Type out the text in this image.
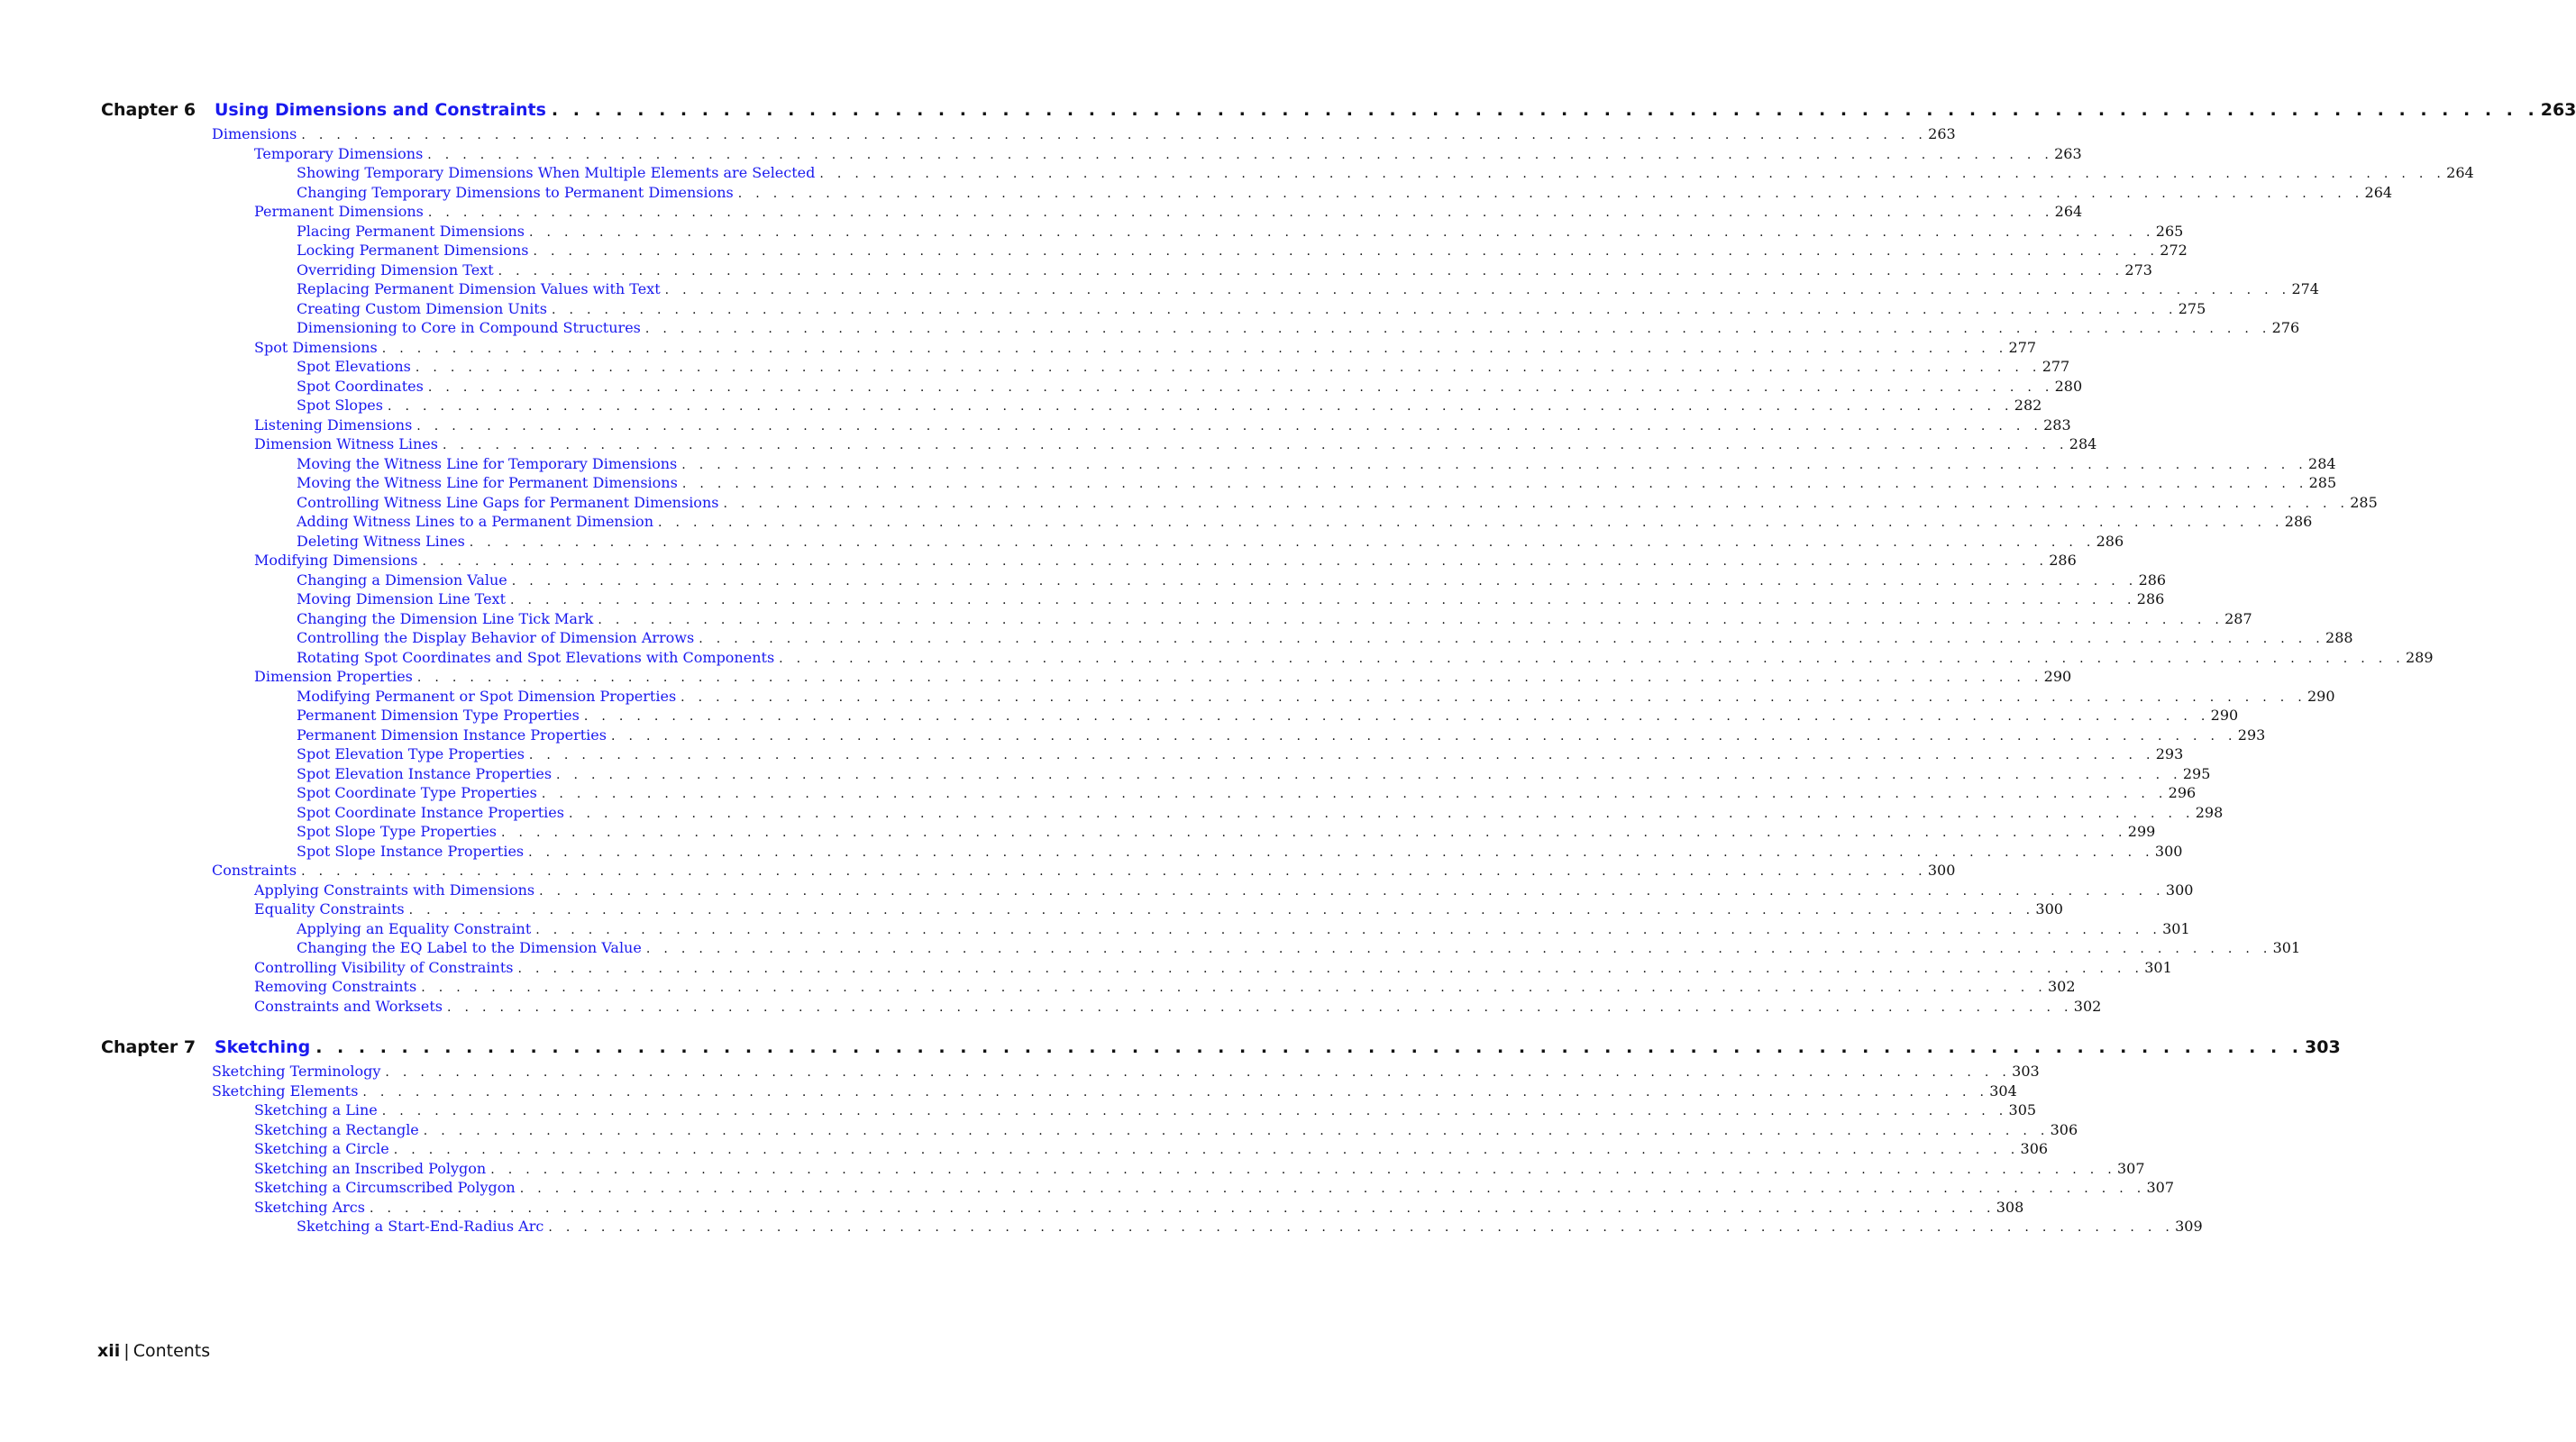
Chapter 6	Using Dimensions and Constraints . . . . . . . . . . . . . . . . . . . . . . . . . . . . . . . . . . . . . . . . . . . . . . . . . . . . . . . . . . . . . . . . . . . . . . . . . . . . . . . . . . . . . . . . . . . . . 263
Dimensions . . . . . . . . . . . . . . . . . . . . . . . . . . . . . . . . . . . . . . . . . . . . . . . . . . . . . . . . . . . . . . . . . . . . . . . . . . . . . . . . . . . . . . . . . . . . . 263
Temporary Dimensions . . . . . . . . . . . . . . . . . . . . . . . . . . . . . . . . . . . . . . . . . . . . . . . . . . . . . . . . . . . . . . . . . . . . . . . . . . . . . . . . . . . . . . . . . . . . . 263
Showing Temporary Dimensions When Multiple Elements are Selected . . . . . . . . . . . . . . . . . . . . . . . . . . . . . . . . . . . . . . . . . . . . . . . . . . . . . . . . . . . . . . . . . . . . . . . . . . . . . . . . . . . . . . . . . . . . . 264
Changing Temporary Dimensions to Permanent Dimensions . . . . . . . . . . . . . . . . . . . . . . . . . . . . . . . . . . . . . . . . . . . . . . . . . . . . . . . . . . . . . . . . . . . . . . . . . . . . . . . . . . . . . . . . . . . . . 264
Permanent Dimensions . . . . . . . . . . . . . . . . . . . . . . . . . . . . . . . . . . . . . . . . . . . . . . . . . . . . . . . . . . . . . . . . . . . . . . . . . . . . . . . . . . . . . . . . . . . . . 264
Placing Permanent Dimensions . . . . . . . . . . . . . . . . . . . . . . . . . . . . . . . . . . . . . . . . . . . . . . . . . . . . . . . . . . . . . . . . . . . . . . . . . . . . . . . . . . . . . . . . . . . . . 265
Locking Permanent Dimensions . . . . . . . . . . . . . . . . . . . . . . . . . . . . . . . . . . . . . . . . . . . . . . . . . . . . . . . . . . . . . . . . . . . . . . . . . . . . . . . . . . . . . . . . . . . . . 272
Overriding Dimension Text . . . . . . . . . . . . . . . . . . . . . . . . . . . . . . . . . . . . . . . . . . . . . . . . . . . . . . . . . . . . . . . . . . . . . . . . . . . . . . . . . . . . . . . . . . . . . 273
Replacing Permanent Dimension Values with Text . . . . . . . . . . . . . . . . . . . . . . . . . . . . . . . . . . . . . . . . . . . . . . . . . . . . . . . . . . . . . . . . . . . . . . . . . . . . . . . . . . . . . . . . . . . . . 274
Creating Custom Dimension Units . . . . . . . . . . . . . . . . . . . . . . . . . . . . . . . . . . . . . . . . . . . . . . . . . . . . . . . . . . . . . . . . . . . . . . . . . . . . . . . . . . . . . . . . . . . . . 275
Dimensioning to Core in Compound Structures . . . . . . . . . . . . . . . . . . . . . . . . . . . . . . . . . . . . . . . . . . . . . . . . . . . . . . . . . . . . . . . . . . . . . . . . . . . . . . . . . . . . . . . . . . . . . 276
Spot Dimensions . . . . . . . . . . . . . . . . . . . . . . . . . . . . . . . . . . . . . . . . . . . . . . . . . . . . . . . . . . . . . . . . . . . . . . . . . . . . . . . . . . . . . . . . . . . . . 277
Spot Elevations . . . . . . . . . . . . . . . . . . . . . . . . . . . . . . . . . . . . . . . . . . . . . . . . . . . . . . . . . . . . . . . . . . . . . . . . . . . . . . . . . . . . . . . . . . . . . 277
Spot Coordinates . . . . . . . . . . . . . . . . . . . . . . . . . . . . . . . . . . . . . . . . . . . . . . . . . . . . . . . . . . . . . . . . . . . . . . . . . . . . . . . . . . . . . . . . . . . . . 280
Spot Slopes . . . . . . . . . . . . . . . . . . . . . . . . . . . . . . . . . . . . . . . . . . . . . . . . . . . . . . . . . . . . . . . . . . . . . . . . . . . . . . . . . . . . . . . . . . . . . 282
Listening Dimensions . . . . . . . . . . . . . . . . . . . . . . . . . . . . . . . . . . . . . . . . . . . . . . . . . . . . . . . . . . . . . . . . . . . . . . . . . . . . . . . . . . . . . . . . . . . . . 283
Dimension Witness Lines . . . . . . . . . . . . . . . . . . . . . . . . . . . . . . . . . . . . . . . . . . . . . . . . . . . . . . . . . . . . . . . . . . . . . . . . . . . . . . . . . . . . . . . . . . . . . 284
Moving the Witness Line for Temporary Dimensions . . . . . . . . . . . . . . . . . . . . . . . . . . . . . . . . . . . . . . . . . . . . . . . . . . . . . . . . . . . . . . . . . . . . . . . . . . . . . . . . . . . . . . . . . . . . . 284
Moving the Witness Line for Permanent Dimensions . . . . . . . . . . . . . . . . . . . . . . . . . . . . . . . . . . . . . . . . . . . . . . . . . . . . . . . . . . . . . . . . . . . . . . . . . . . . . . . . . . . . . . . . . . . . . 285
Controlling Witness Line Gaps for Permanent Dimensions . . . . . . . . . . . . . . . . . . . . . . . . . . . . . . . . . . . . . . . . . . . . . . . . . . . . . . . . . . . . . . . . . . . . . . . . . . . . . . . . . . . . . . . . . . . . . 285
Adding Witness Lines to a Permanent Dimension . . . . . . . . . . . . . . . . . . . . . . . . . . . . . . . . . . . . . . . . . . . . . . . . . . . . . . . . . . . . . . . . . . . . . . . . . . . . . . . . . . . . . . . . . . . . . 286
Deleting Witness Lines . . . . . . . . . . . . . . . . . . . . . . . . . . . . . . . . . . . . . . . . . . . . . . . . . . . . . . . . . . . . . . . . . . . . . . . . . . . . . . . . . . . . . . . . . . . . . 286
Modifying Dimensions . . . . . . . . . . . . . . . . . . . . . . . . . . . . . . . . . . . . . . . . . . . . . . . . . . . . . . . . . . . . . . . . . . . . . . . . . . . . . . . . . . . . . . . . . . . . . 286
Changing a Dimension Value . . . . . . . . . . . . . . . . . . . . . . . . . . . . . . . . . . . . . . . . . . . . . . . . . . . . . . . . . . . . . . . . . . . . . . . . . . . . . . . . . . . . . . . . . . . . . 286
Moving Dimension Line Text . . . . . . . . . . . . . . . . . . . . . . . . . . . . . . . . . . . . . . . . . . . . . . . . . . . . . . . . . . . . . . . . . . . . . . . . . . . . . . . . . . . . . . . . . . . . . 286
Changing the Dimension Line Tick Mark . . . . . . . . . . . . . . . . . . . . . . . . . . . . . . . . . . . . . . . . . . . . . . . . . . . . . . . . . . . . . . . . . . . . . . . . . . . . . . . . . . . . . . . . . . . . . 287
Controlling the Display Behavior of Dimension Arrows . . . . . . . . . . . . . . . . . . . . . . . . . . . . . . . . . . . . . . . . . . . . . . . . . . . . . . . . . . . . . . . . . . . . . . . . . . . . . . . . . . . . . . . . . . . . . 288
Rotating Spot Coordinates and Spot Elevations with Components . . . . . . . . . . . . . . . . . . . . . . . . . . . . . . . . . . . . . . . . . . . . . . . . . . . . . . . . . . . . . . . . . . . . . . . . . . . . . . . . . . . . . . . . . . . . . 289
Dimension Properties . . . . . . . . . . . . . . . . . . . . . . . . . . . . . . . . . . . . . . . . . . . . . . . . . . . . . . . . . . . . . . . . . . . . . . . . . . . . . . . . . . . . . . . . . . . . . 290
Modifying Permanent or Spot Dimension Properties . . . . . . . . . . . . . . . . . . . . . . . . . . . . . . . . . . . . . . . . . . . . . . . . . . . . . . . . . . . . . . . . . . . . . . . . . . . . . . . . . . . . . . . . . . . . . 290
Permanent Dimension Type Properties . . . . . . . . . . . . . . . . . . . . . . . . . . . . . . . . . . . . . . . . . . . . . . . . . . . . . . . . . . . . . . . . . . . . . . . . . . . . . . . . . . . . . . . . . . . . . 290
Permanent Dimension Instance Properties . . . . . . . . . . . . . . . . . . . . . . . . . . . . . . . . . . . . . . . . . . . . . . . . . . . . . . . . . . . . . . . . . . . . . . . . . . . . . . . . . . . . . . . . . . . . . 293
Spot Elevation Type Properties . . . . . . . . . . . . . . . . . . . . . . . . . . . . . . . . . . . . . . . . . . . . . . . . . . . . . . . . . . . . . . . . . . . . . . . . . . . . . . . . . . . . . . . . . . . . . 293
Spot Elevation Instance Properties . . . . . . . . . . . . . . . . . . . . . . . . . . . . . . . . . . . . . . . . . . . . . . . . . . . . . . . . . . . . . . . . . . . . . . . . . . . . . . . . . . . . . . . . . . . . . 295
Spot Coordinate Type Properties . . . . . . . . . . . . . . . . . . . . . . . . . . . . . . . . . . . . . . . . . . . . . . . . . . . . . . . . . . . . . . . . . . . . . . . . . . . . . . . . . . . . . . . . . . . . . 296
Spot Coordinate Instance Properties . . . . . . . . . . . . . . . . . . . . . . . . . . . . . . . . . . . . . . . . . . . . . . . . . . . . . . . . . . . . . . . . . . . . . . . . . . . . . . . . . . . . . . . . . . . . . 298
Spot Slope Type Properties . . . . . . . . . . . . . . . . . . . . . . . . . . . . . . . . . . . . . . . . . . . . . . . . . . . . . . . . . . . . . . . . . . . . . . . . . . . . . . . . . . . . . . . . . . . . . 299
Spot Slope Instance Properties . . . . . . . . . . . . . . . . . . . . . . . . . . . . . . . . . . . . . . . . . . . . . . . . . . . . . . . . . . . . . . . . . . . . . . . . . . . . . . . . . . . . . . . . . . . . . 300
Constraints . . . . . . . . . . . . . . . . . . . . . . . . . . . . . . . . . . . . . . . . . . . . . . . . . . . . . . . . . . . . . . . . . . . . . . . . . . . . . . . . . . . . . . . . . . . . . 300
Applying Constraints with Dimensions . . . . . . . . . . . . . . . . . . . . . . . . . . . . . . . . . . . . . . . . . . . . . . . . . . . . . . . . . . . . . . . . . . . . . . . . . . . . . . . . . . . . . . . . . . . . . 300
Equality Constraints . . . . . . . . . . . . . . . . . . . . . . . . . . . . . . . . . . . . . . . . . . . . . . . . . . . . . . . . . . . . . . . . . . . . . . . . . . . . . . . . . . . . . . . . . . . . . 300
Applying an Equality Constraint . . . . . . . . . . . . . . . . . . . . . . . . . . . . . . . . . . . . . . . . . . . . . . . . . . . . . . . . . . . . . . . . . . . . . . . . . . . . . . . . . . . . . . . . . . . . . 301
Changing the EQ Label to the Dimension Value . . . . . . . . . . . . . . . . . . . . . . . . . . . . . . . . . . . . . . . . . . . . . . . . . . . . . . . . . . . . . . . . . . . . . . . . . . . . . . . . . . . . . . . . . . . . . 301
Controlling Visibility of Constraints . . . . . . . . . . . . . . . . . . . . . . . . . . . . . . . . . . . . . . . . . . . . . . . . . . . . . . . . . . . . . . . . . . . . . . . . . . . . . . . . . . . . . . . . . . . . . 301
Removing Constraints . . . . . . . . . . . . . . . . . . . . . . . . . . . . . . . . . . . . . . . . . . . . . . . . . . . . . . . . . . . . . . . . . . . . . . . . . . . . . . . . . . . . . . . . . . . . . 302
Constraints and Worksets . . . . . . . . . . . . . . . . . . . . . . . . . . . . . . . . . . . . . . . . . . . . . . . . . . . . . . . . . . . . . . . . . . . . . . . . . . . . . . . . . . . . . . . . . . . . . 302
Chapter 7	Sketching . . . . . . . . . . . . . . . . . . . . . . . . . . . . . . . . . . . . . . . . . . . . . . . . . . . . . . . . . . . . . . . . . . . . . . . . . . . . . . . . . . . . . . . . . . . . . 303
Sketching Terminology . . . . . . . . . . . . . . . . . . . . . . . . . . . . . . . . . . . . . . . . . . . . . . . . . . . . . . . . . . . . . . . . . . . . . . . . . . . . . . . . . . . . . . . . . . . . . 303
Sketching Elements . . . . . . . . . . . . . . . . . . . . . . . . . . . . . . . . . . . . . . . . . . . . . . . . . . . . . . . . . . . . . . . . . . . . . . . . . . . . . . . . . . . . . . . . . . . . . 304
Sketching a Line . . . . . . . . . . . . . . . . . . . . . . . . . . . . . . . . . . . . . . . . . . . . . . . . . . . . . . . . . . . . . . . . . . . . . . . . . . . . . . . . . . . . . . . . . . . . . 305
Sketching a Rectangle . . . . . . . . . . . . . . . . . . . . . . . . . . . . . . . . . . . . . . . . . . . . . . . . . . . . . . . . . . . . . . . . . . . . . . . . . . . . . . . . . . . . . . . . . . . . . 306
Sketching a Circle . . . . . . . . . . . . . . . . . . . . . . . . . . . . . . . . . . . . . . . . . . . . . . . . . . . . . . . . . . . . . . . . . . . . . . . . . . . . . . . . . . . . . . . . . . . . . 306
Sketching an Inscribed Polygon . . . . . . . . . . . . . . . . . . . . . . . . . . . . . . . . . . . . . . . . . . . . . . . . . . . . . . . . . . . . . . . . . . . . . . . . . . . . . . . . . . . . . . . . . . . . . 307
Sketching a Circumscribed Polygon . . . . . . . . . . . . . . . . . . . . . . . . . . . . . . . . . . . . . . . . . . . . . . . . . . . . . . . . . . . . . . . . . . . . . . . . . . . . . . . . . . . . . . . . . . . . . 307
Sketching Arcs . . . . . . . . . . . . . . . . . . . . . . . . . . . . . . . . . . . . . . . . . . . . . . . . . . . . . . . . . . . . . . . . . . . . . . . . . . . . . . . . . . . . . . . . . . . . . 308
Sketching a Start-End-Radius Arc . . . . . . . . . . . . . . . . . . . . . . . . . . . . . . . . . . . . . . . . . . . . . . . . . . . . . . . . . . . . . . . . . . . . . . . . . . . . . . . . . . . . . . . . . . . . . 309
xii | Contents
